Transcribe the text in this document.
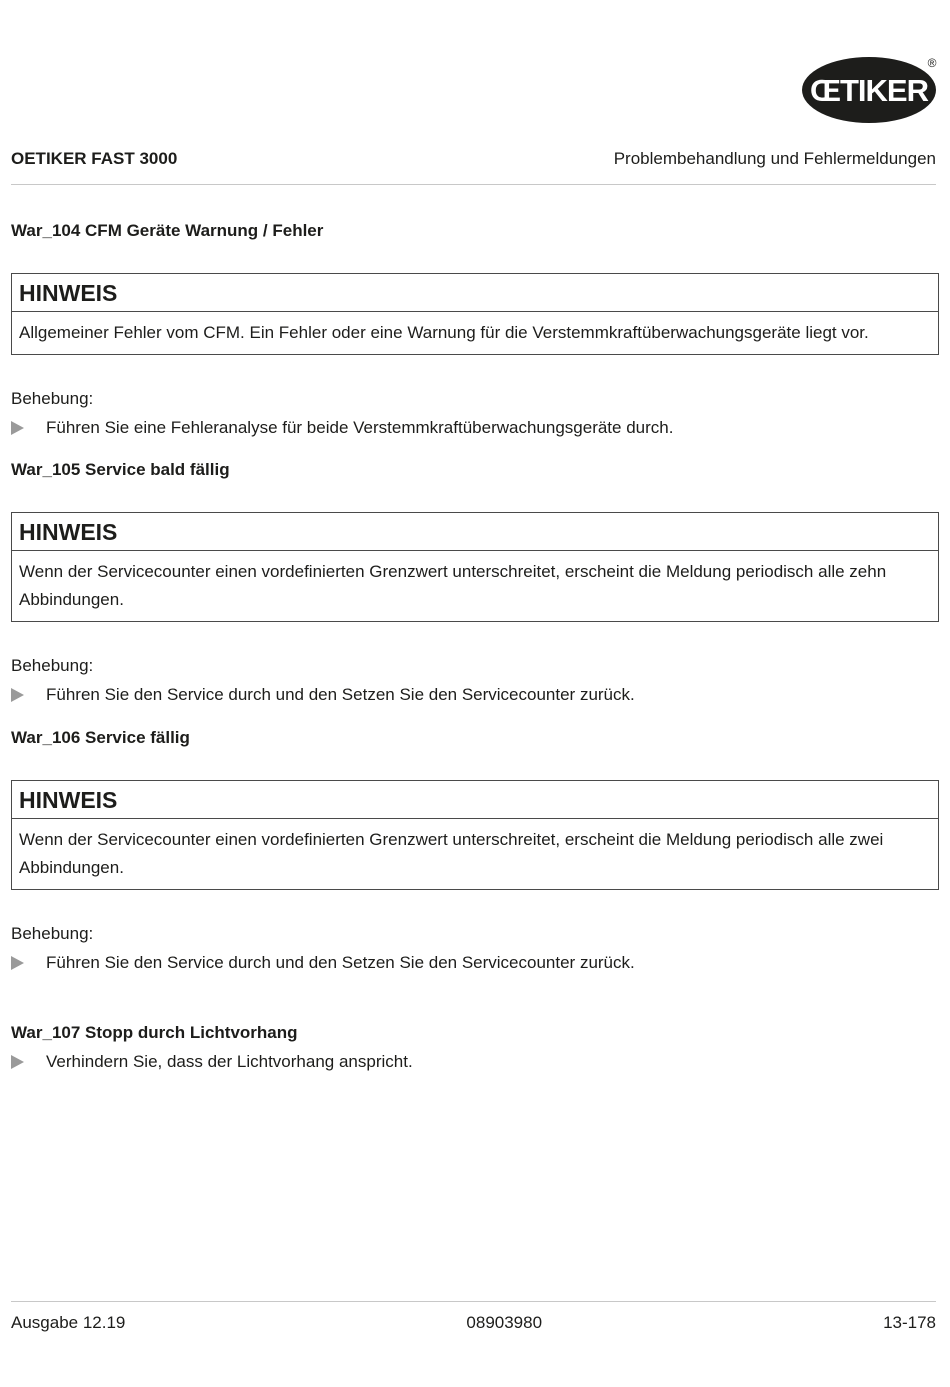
ŒTIKER
®
OETIKER FAST 3000	Problembehandlung und Fehlermeldungen
War_104 CFM Geräte Warnung / Fehler
HINWEIS
Allgemeiner Fehler vom CFM. Ein Fehler oder eine Warnung für die Verstemmkraftüberwachungsgeräte liegt vor.
Behebung:
Führen Sie eine Fehleranalyse für beide Verstemmkraftüberwachungsgeräte durch.
War_105 Service bald fällig
HINWEIS
Wenn der Servicecounter einen vordefinierten Grenzwert unterschreitet, erscheint die Meldung periodisch alle zehn Abbindungen.
Behebung:
Führen Sie den Service durch und den Setzen Sie den Servicecounter zurück.
War_106 Service fällig
HINWEIS
Wenn der Servicecounter einen vordefinierten Grenzwert unterschreitet, erscheint die Meldung periodisch alle zwei Abbindungen.
Behebung:
Führen Sie den Service durch und den Setzen Sie den Servicecounter zurück.
War_107 Stopp durch Lichtvorhang
Verhindern Sie, dass der Lichtvorhang anspricht.
Ausgabe 12.19	08903980	13-178
